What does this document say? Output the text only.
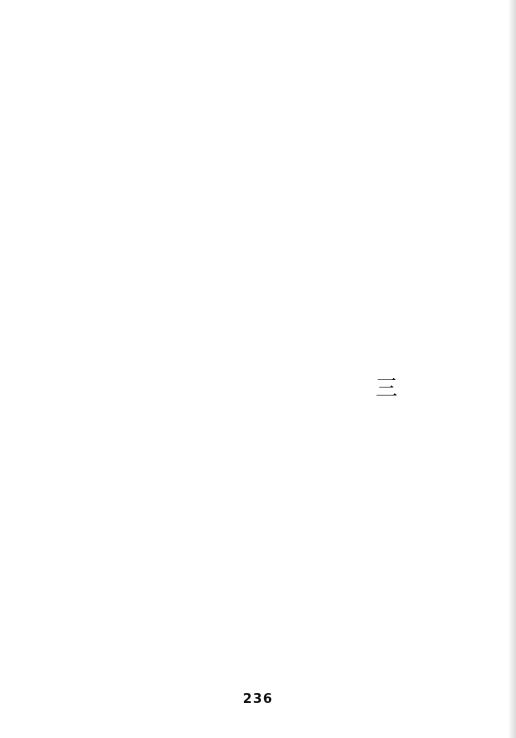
三
236
